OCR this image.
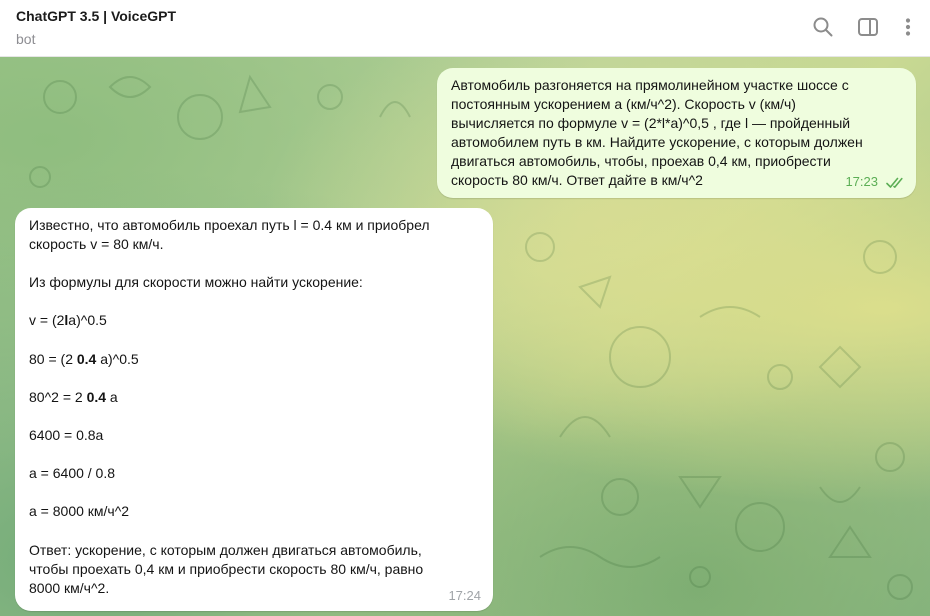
ChatGPT 3.5 | VoiceGPT
bot
Автомобиль разгоняется на прямолинейном участке шоссе с
постоянным ускорением a (км/ч^2). Скорость v (км/ч)
вычисляется по формуле v = (2*l*a)^0,5 , где l — пройденный
автомобилем путь в км. Найдите ускорение, с которым должен
двигаться автомобиль, чтобы, проехав 0,4 км, приобрести
скорость 80 км/ч. Ответ дайте в км/ч^2	17:23
Известно, что автомобиль проехал путь l = 0.4 км и приобрел
скорость v = 80 км/ч.
Из формулы для скорости можно найти ускорение:
v = (2la)^0.5
80 = (2 0.4 a)^0.5
80^2 = 2 0.4 a
6400 = 0.8a
a = 6400 / 0.8
a = 8000 км/ч^2
Ответ: ускорение, с которым должен двигаться автомобиль,
чтобы проехать 0,4 км и приобрести скорость 80 км/ч, равно
8000 км/ч^2.	17:24
